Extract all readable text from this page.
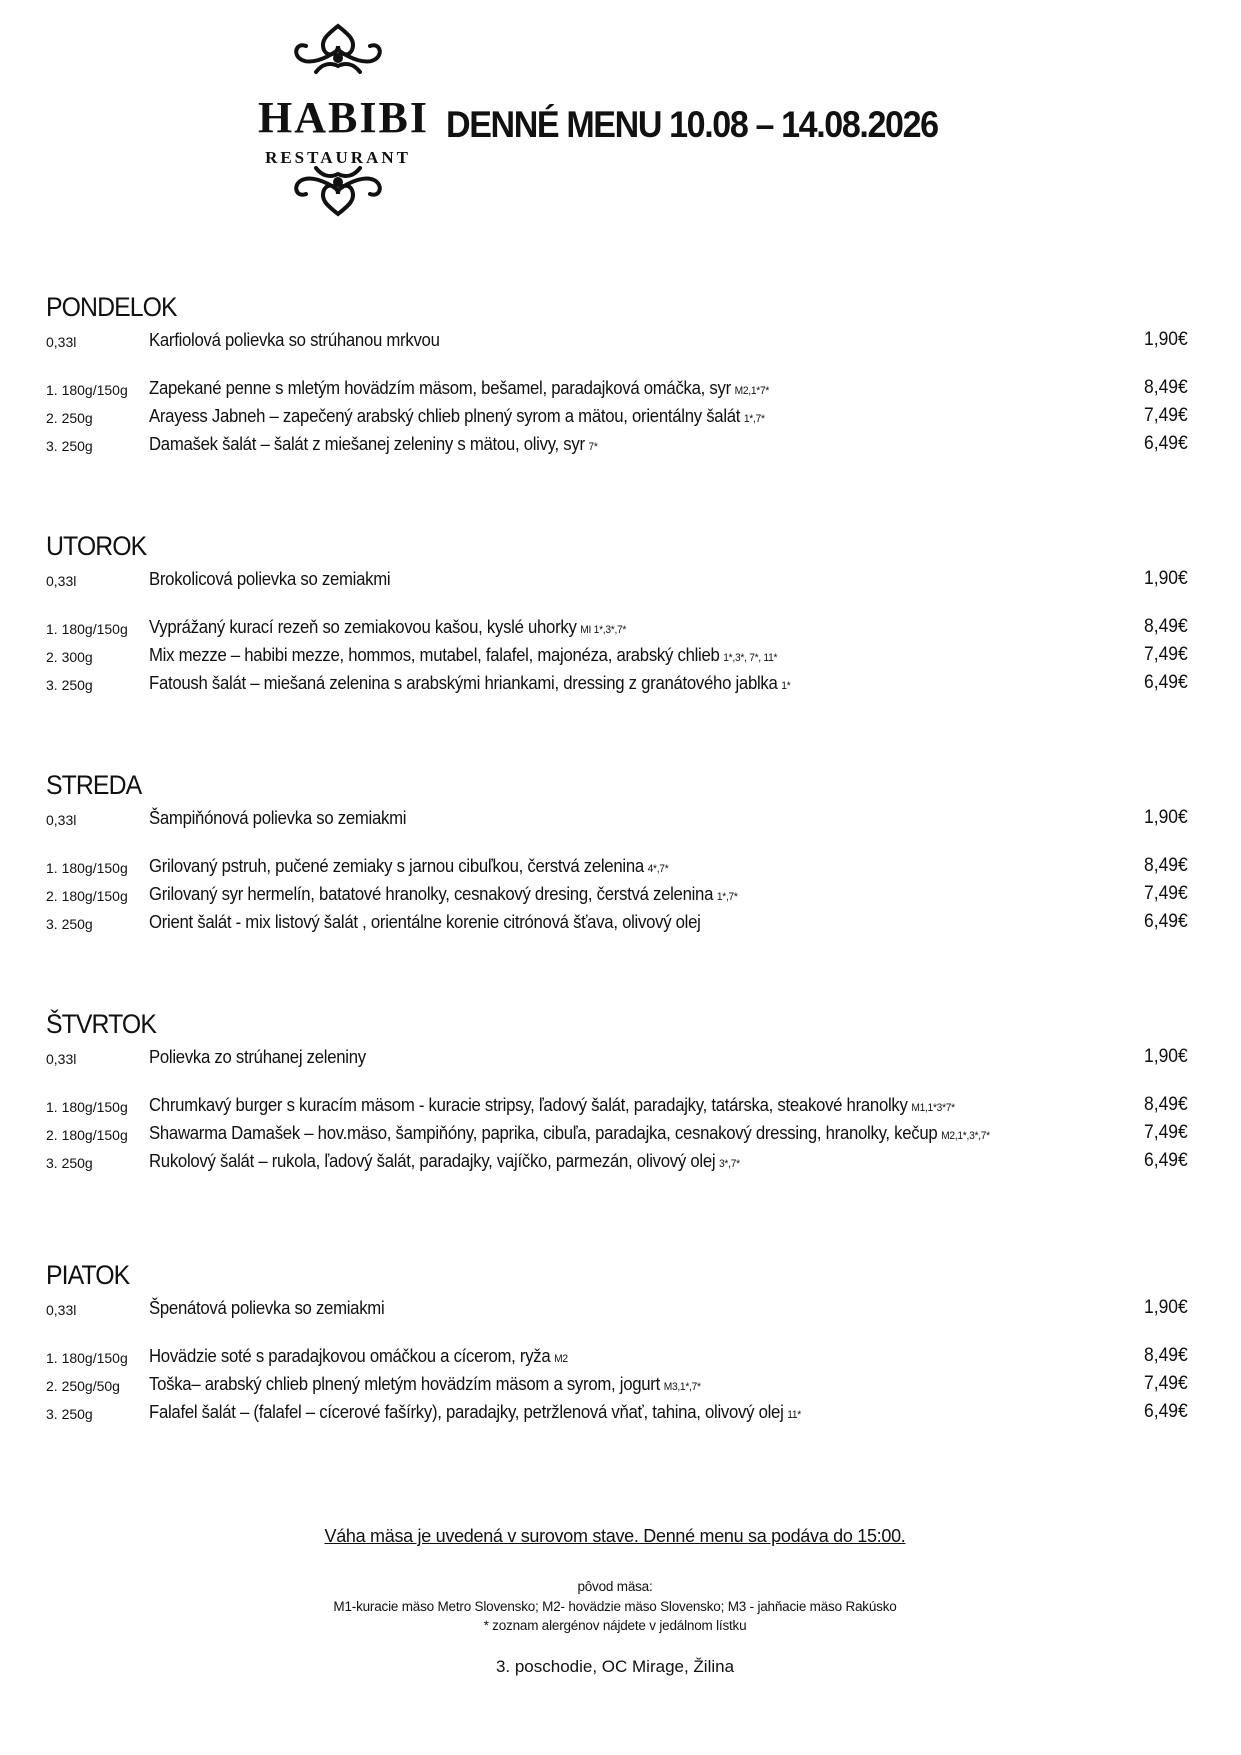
HABIBI
RESTAURANT
DENNÉ MENU 10.08 – 14.08.2026
PONDELOK
0,33l	Karfiolová polievka so strúhanou mrkvou	1,90€
1. 180g/150g Zapekané penne s mletým hovädzím mäsom, bešamel, paradajková omáčka, syr M2,1*7*	8,49€
2. 250g	Arayess Jabneh – zapečený arabský chlieb plnený syrom a mätou, orientálny šalát 1*,7*	7,49€
3. 250g	Damašek šalát – šalát z miešanej zeleniny s mätou, olivy, syr 7*	6,49€
UTOROK
0,33l	Brokolicová polievka so zemiakmi	1,90€
1. 180g/150g Vyprážaný kurací rezeň so zemiakovou kašou, kyslé uhorky MI 1*,3*,7*	8,49€
2. 300g	Mix mezze – habibi mezze, hommos, mutabel, falafel, majonéza, arabský chlieb 1*,3*, 7*, 11*	7,49€
3. 250g	Fatoush šalát – miešaná zelenina s arabskými hriankami, dressing z granátového jablka 1*	6,49€
STREDA
0,33l	Šampiňónová polievka so zemiakmi	1,90€
1. 180g/150g Grilovaný pstruh, pučené zemiaky s jarnou cibuľkou, čerstvá zelenina 4*,7*	8,49€
2. 180g/150g Grilovaný syr hermelín, batatové hranolky, cesnakový dresing, čerstvá zelenina 1*,7*	7,49€
3. 250g	Orient šalát - mix listový šalát , orientálne korenie citrónová šťava, olivový olej	6,49€
ŠTVRTOK
0,33l	Polievka zo strúhanej zeleniny	1,90€
1. 180g/150g Chrumkavý burger s kuracím mäsom - kuracie stripsy, ľadový šalát, paradajky, tatárska, steakové hranolky M1,1*3*7*	8,49€
2. 180g/150g Shawarma Damašek – hov.mäso, šampiňóny, paprika, cibuľa, paradajka, cesnakový dressing, hranolky, kečup M2,1*,3*,7*	7,49€
3. 250g	Rukolový šalát – rukola, ľadový šalát, paradajky, vajíčko, parmezán, olivový olej 3*,7*	6,49€
PIATOK
0,33l	Špenátová polievka so zemiakmi	1,90€
1. 180g/150g Hovädzie soté s paradajkovou omáčkou a cícerom, ryža M2	8,49€
2. 250g/50g Toška– arabský chlieb plnený mletým hovädzím mäsom a syrom, jogurt M3,1*,7*	7,49€
3. 250g	Falafel šalát – (falafel – cícerové fašírky), paradajky, petržlenová vňať, tahina, olivový olej 11*	6,49€
Váha mäsa je uvedená v surovom stave. Denné menu sa podáva do 15:00.
pôvod mäsa:
M1-kuracie mäso Metro Slovensko; M2- hovädzie mäso Slovensko; M3 - jahňacie mäso Rakúsko
* zoznam alergénov nájdete v jedálnom lístku
3. poschodie, OC Mirage, Žilina
